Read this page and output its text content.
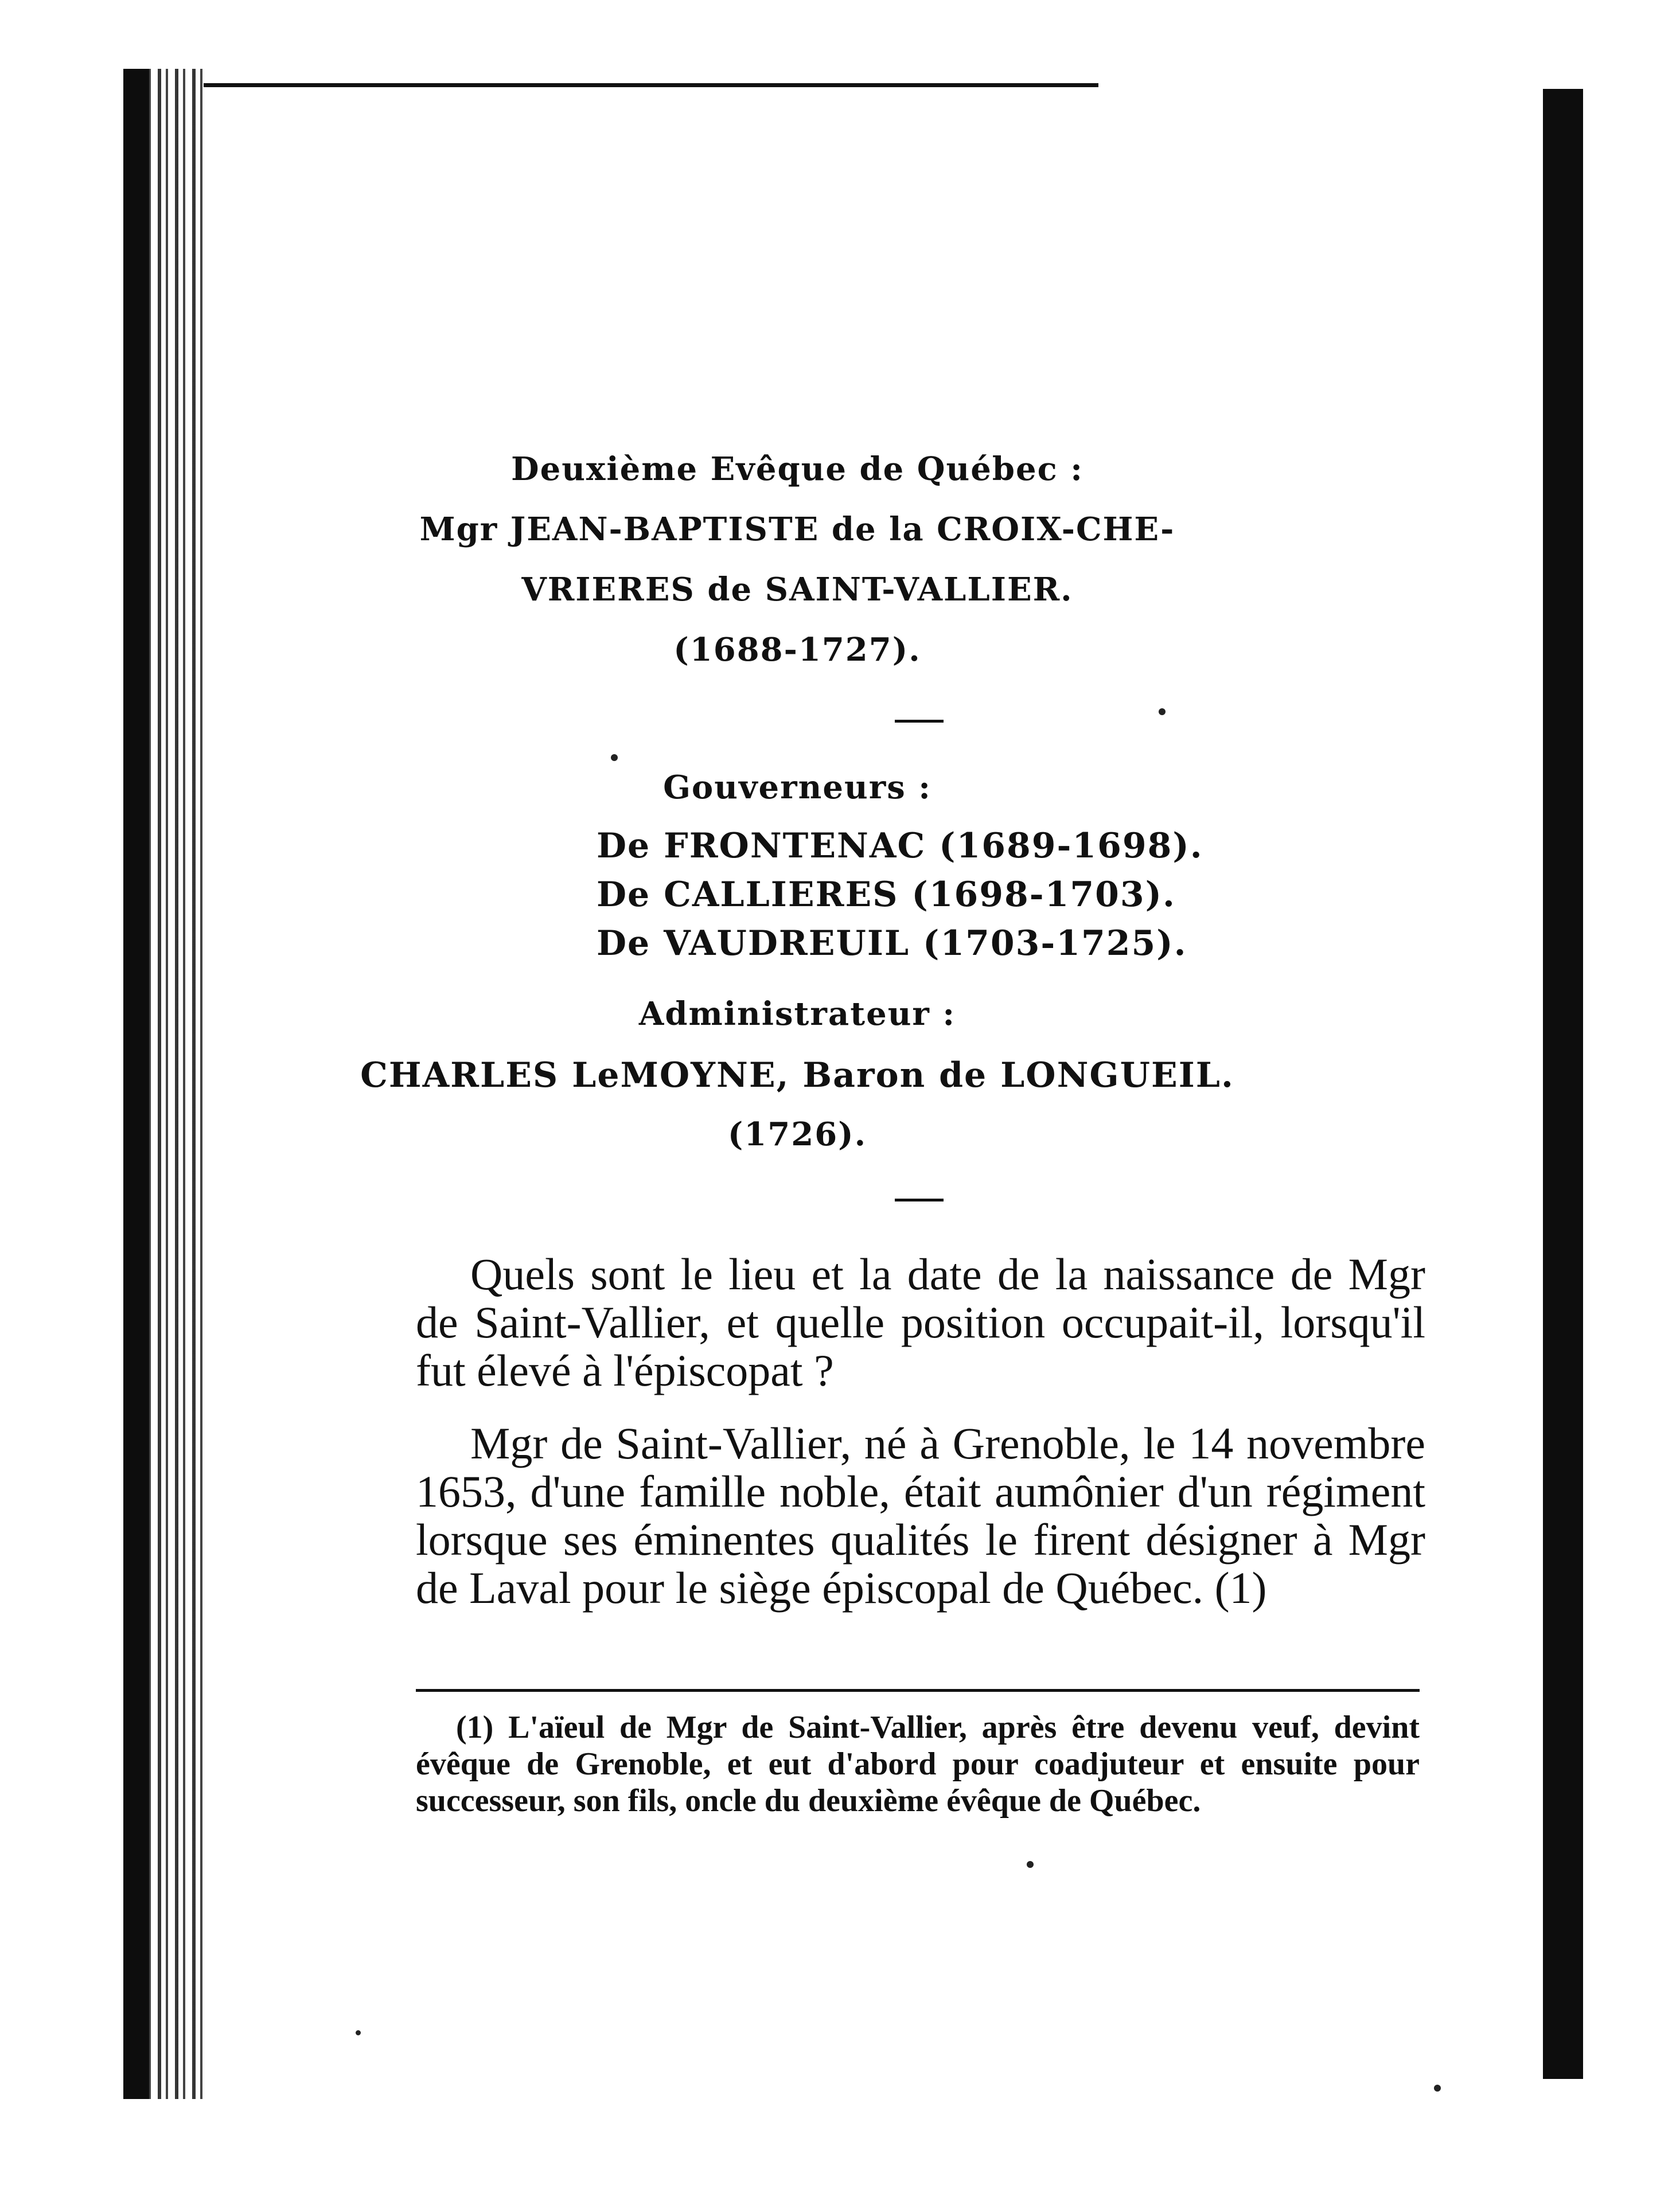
Deuxième Evêque de Québec :
Mgr JEAN-BAPTISTE de la CROIX-CHE-
VRIERES de SAINT-VALLIER.
(1688-1727).
Gouverneurs :
De FRONTENAC (1689-1698).
De CALLIERES (1698-1703).
De VAUDREUIL (1703-1725).
Administrateur :
CHARLES LeMOYNE, Baron de LONGUEIL.
(1726).

Quels sont le lieu et la date de la naissance de Mgr de Saint-Vallier, et quelle position occupait-il, lorsqu'il fut élevé à l'épiscopat ?

Mgr de Saint-Vallier, né à Grenoble, le 14 novembre 1653, d'une famille noble, était aumônier d'un régiment lorsque ses éminentes qualités le firent désigner à Mgr de Laval pour le siège épiscopal de Québec. (1)

(1) L'aïeul de Mgr de Saint-Vallier, après être devenu veuf, devint évêque de Grenoble, et eut d'abord pour coadjuteur et ensuite pour successeur, son fils, oncle du deuxième évêque de Québec.
